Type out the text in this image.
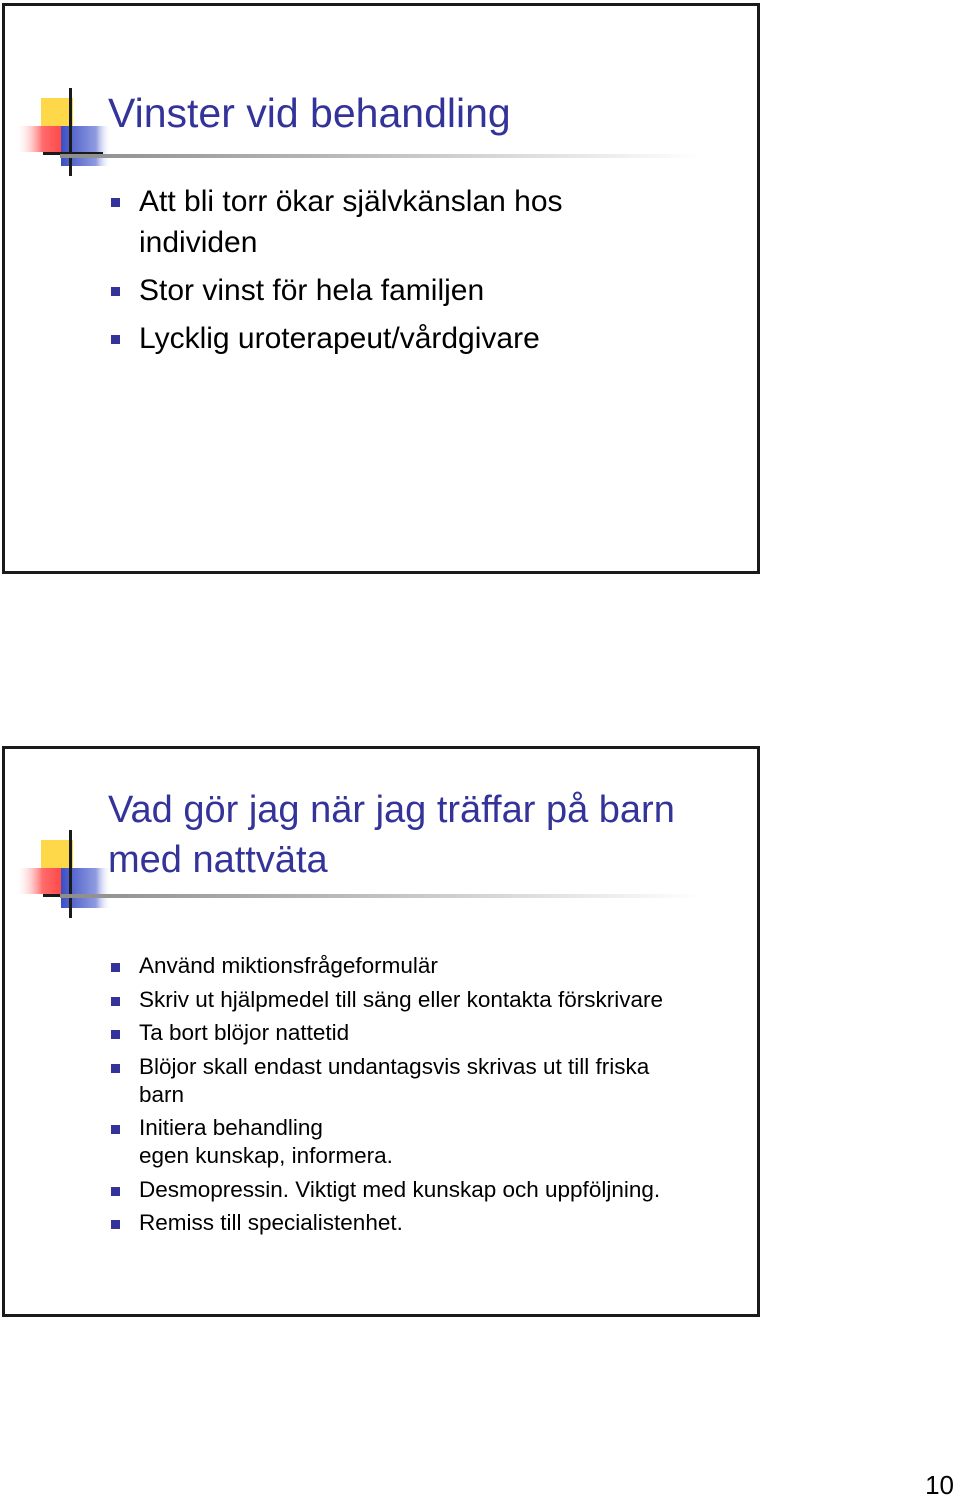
Vinster vid behandling
Att bli torr ökar självkänslan hos
individen
Stor vinst för hela familjen
Lycklig uroterapeut/vårdgivare
Vad gör jag när jag träffar på barn med nattväta
Använd miktionsfrågeformulär
Skriv ut hjälpmedel till säng eller kontakta förskrivare
Ta bort blöjor nattetid
Blöjor skall endast undantagsvis skrivas ut till friska
barn
Initiera behandling
egen kunskap, informera.
Desmopressin. Viktigt med kunskap och uppföljning.
Remiss till specialistenhet.
10
